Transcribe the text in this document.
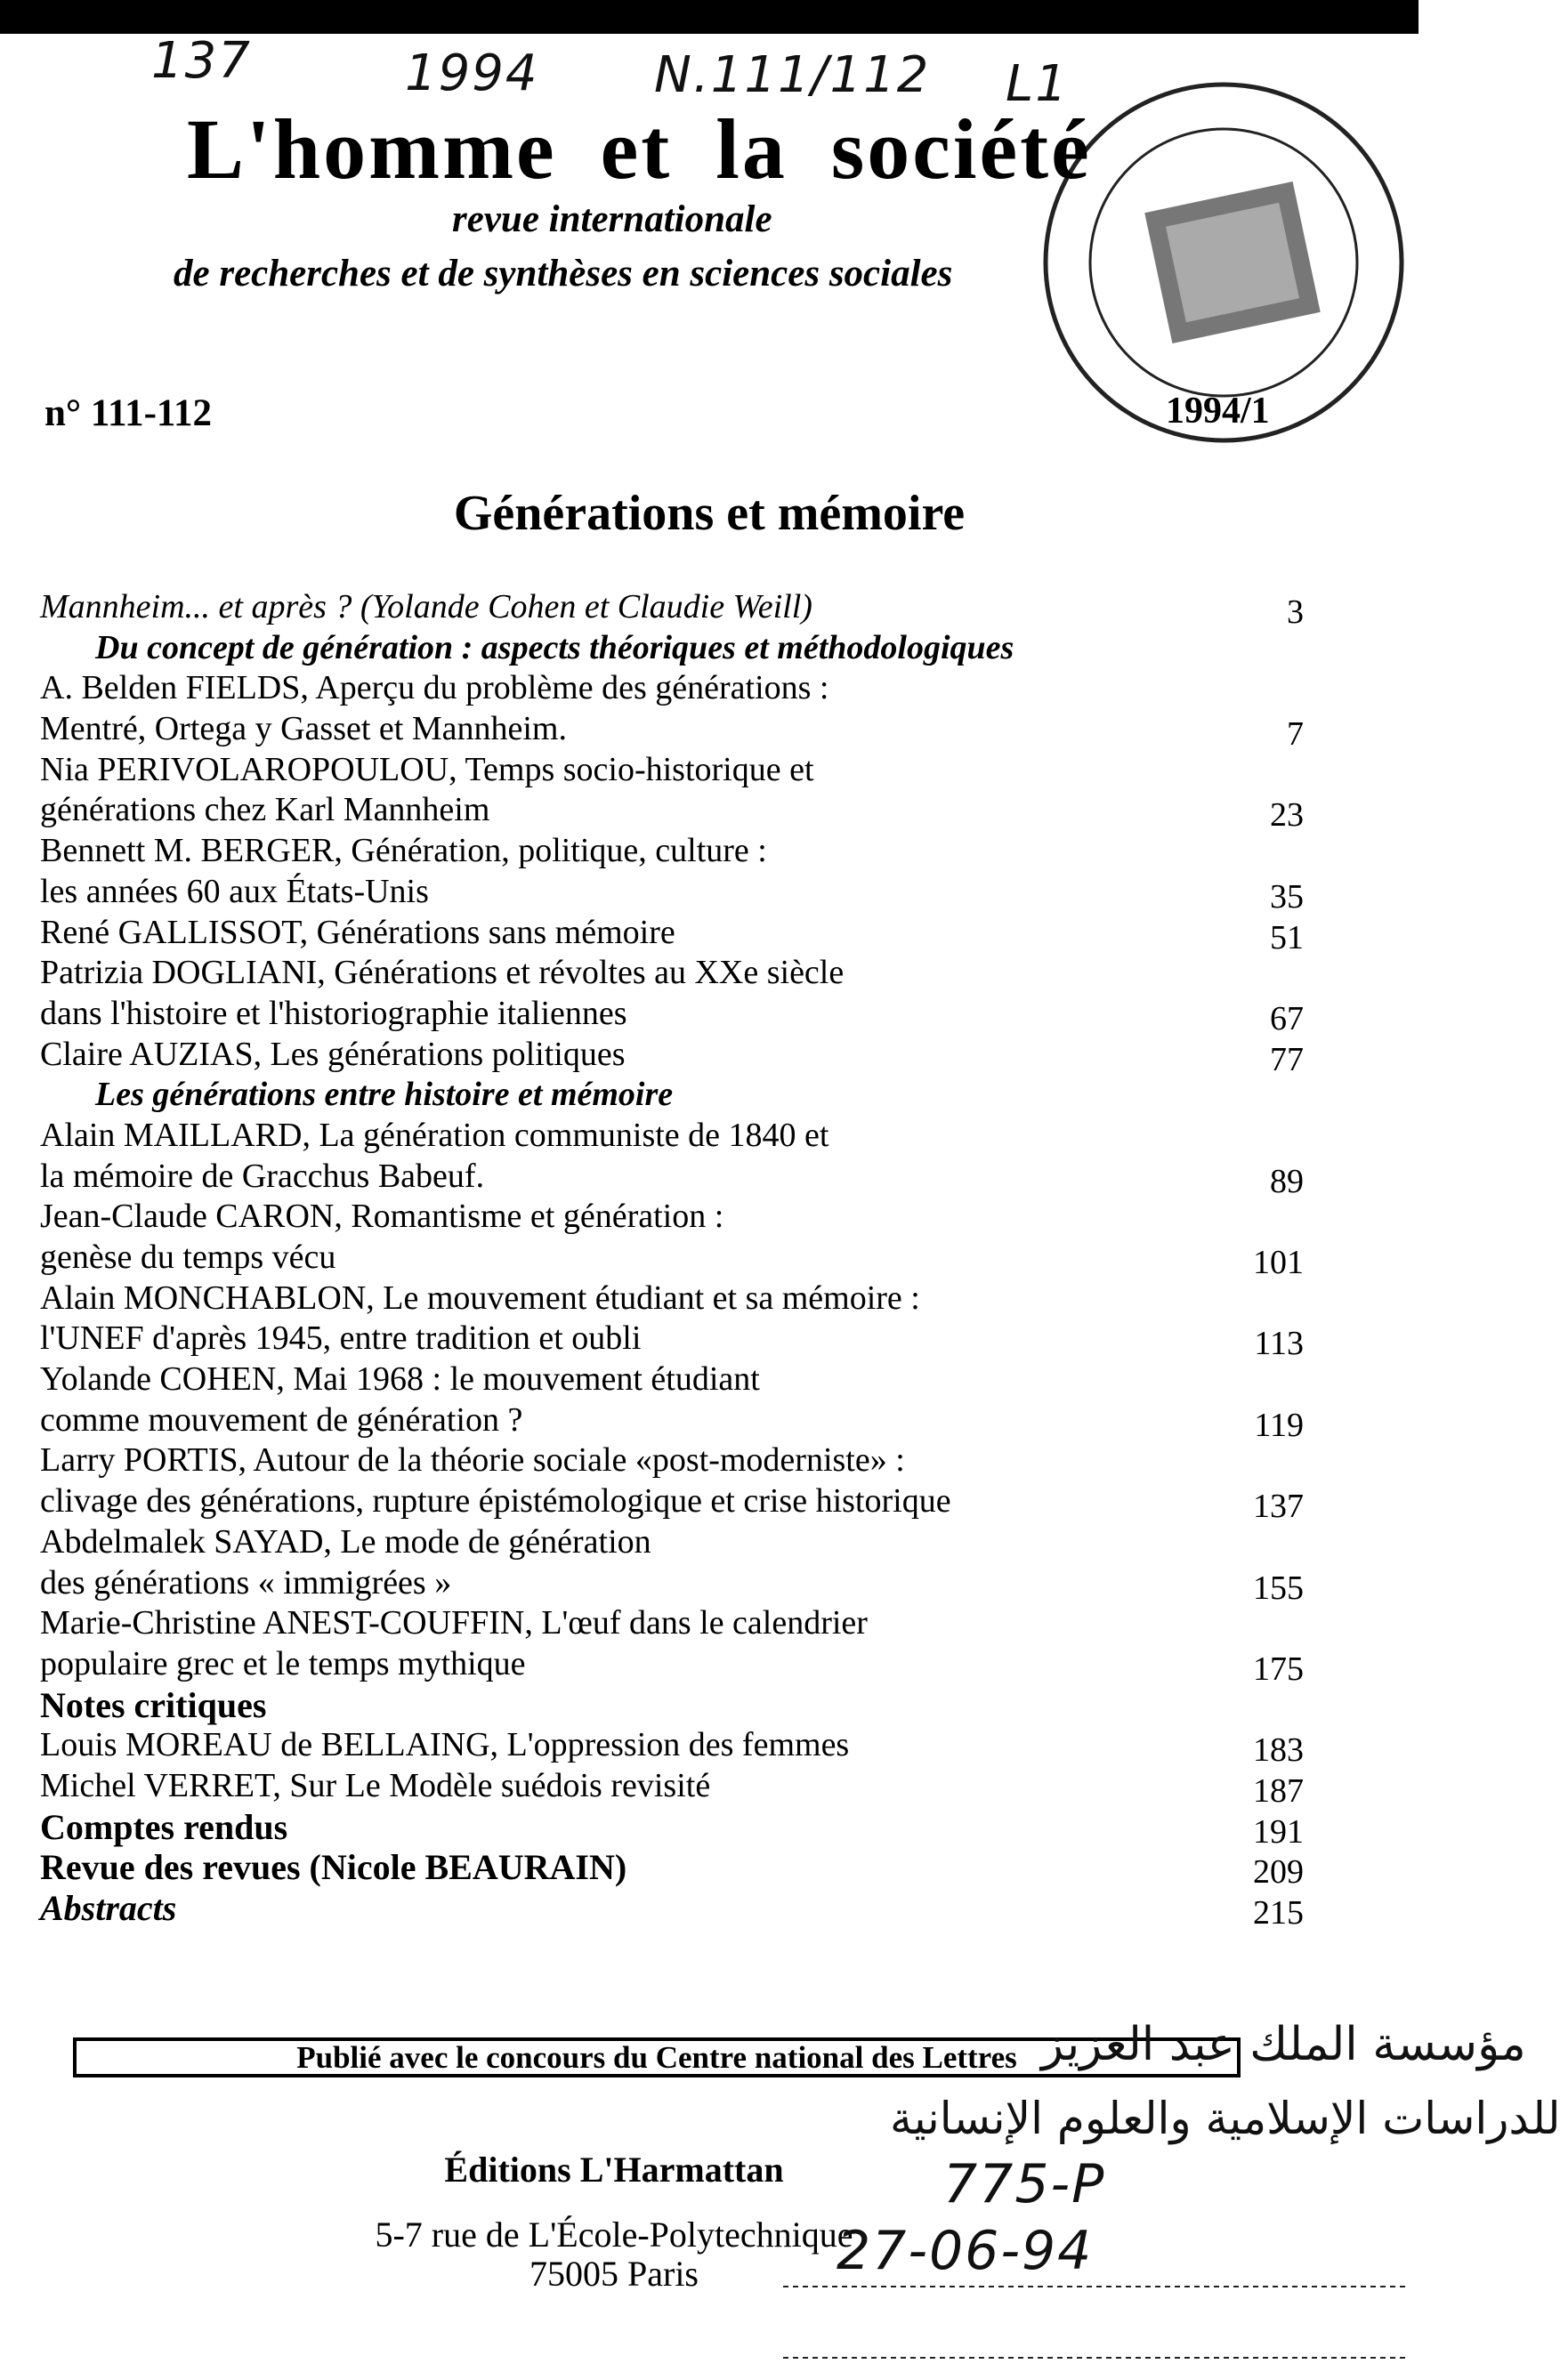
137	1994 N.111/112 L1
1994/1
L'homme et la société
revue internationale
de recherches et de synthèses en sciences sociales
n° 111-112
Générations et mémoire
Mannheim... et après ? (Yolande Cohen et Claudie Weill)	3
Du concept de génération : aspects théoriques et méthodologiques
A. Belden FIELDS, Aperçu du problème des générations :
Mentré, Ortega y Gasset et Mannheim.	7
Nia PERIVOLAROPOULOU, Temps socio-historique et
générations chez Karl Mannheim	23
Bennett M. BERGER, Génération, politique, culture :
les années 60 aux États-Unis	35
René GALLISSOT, Générations sans mémoire	51
Patrizia DOGLIANI, Générations et révoltes au XXe siècle
dans l'histoire et l'historiographie italiennes	67
Claire AUZIAS, Les générations politiques	77
Les générations entre histoire et mémoire
Alain MAILLARD, La génération communiste de 1840 et
la mémoire de Gracchus Babeuf.	89
Jean-Claude CARON, Romantisme et génération :
genèse du temps vécu	101
Alain MONCHABLON, Le mouvement étudiant et sa mémoire :
l'UNEF d'après 1945, entre tradition et oubli	113
Yolande COHEN, Mai 1968 : le mouvement étudiant
comme mouvement de génération ?	119
Larry PORTIS, Autour de la théorie sociale «post-moderniste» :
clivage des générations, rupture épistémologique et crise historique	137
Abdelmalek SAYAD, Le mode de génération
des générations « immigrées »	155
Marie-Christine ANEST-COUFFIN, L'œuf dans le calendrier
populaire grec et le temps mythique	175
Notes critiques
Louis MOREAU de BELLAING, L'oppression des femmes	183
Michel VERRET, Sur Le Modèle suédois revisité	187
Comptes rendus	191
Revue des revues (Nicole BEAURAIN)	209
Abstracts	215
Publié avec le concours du Centre national des Lettres
Éditions L'Harmattan
5-7 rue de L'École-Polytechnique
75005 Paris
مؤسسة الملك عبد العزيز
للدراسات الإسلامية والعلوم الإنسانية
775-P
27-06-94
